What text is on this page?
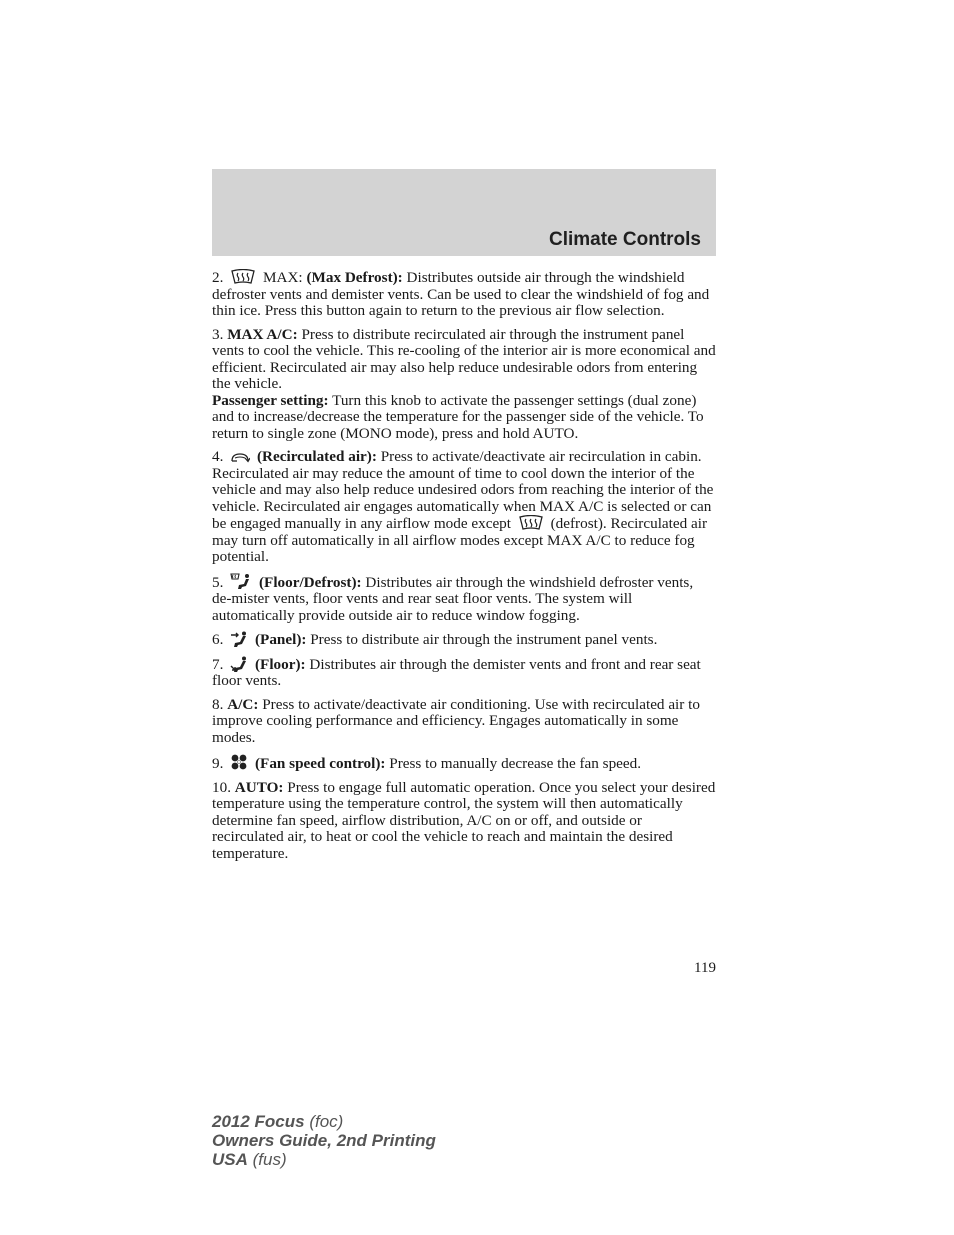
Climate Controls

2.	MAX: (Max Defrost): Distributes outside air through the windshield defroster vents and demister vents. Can be used to clear the windshield of fog and thin ice. Press this button again to return to the previous air flow selection.

3. MAX A/C: Press to distribute recirculated air through the instrument panel vents to cool the vehicle. This re-cooling of the interior air is more economical and efficient. Recirculated air may also help reduce undesirable odors from entering the vehicle.

Passenger setting: Turn this knob to activate the passenger settings (dual zone) and to increase/decrease the temperature for the passenger side of the vehicle. To return to single zone (MONO mode), press and hold AUTO.

4. (Recirculated air): Press to activate/deactivate air recirculation in cabin. Recirculated air may reduce the amount of time to cool down the interior of the vehicle and may also help reduce undesired odors from reaching the interior of the vehicle. Recirculated air engages automatically when MAX A/C is selected or can be engaged manually in any airflow mode except	(defrost). Recirculated air may turn off automatically in all airflow modes except MAX A/C to reduce fog potential.

5. (Floor/Defrost): Distributes air through the windshield defroster vents, de-mister vents, floor vents and rear seat floor vents. The system will automatically provide outside air to reduce window fogging.

6. (Panel): Press to distribute air through the instrument panel vents.

7. (Floor): Distributes air through the demister vents and front and rear seat floor vents.

8. A/C: Press to activate/deactivate air conditioning. Use with recirculated air to improve cooling performance and efficiency. Engages automatically in some modes.

9. (Fan speed control): Press to manually decrease the fan speed.

10. AUTO: Press to engage full automatic operation. Once you select your desired temperature using the temperature control, the system will then automatically determine fan speed, airflow distribution, A/C on or off, and outside or recirculated air, to heat or cool the vehicle to reach and maintain the desired temperature.

119
2012 Focus (foc)
Owners Guide, 2nd Printing
USA (fus)
